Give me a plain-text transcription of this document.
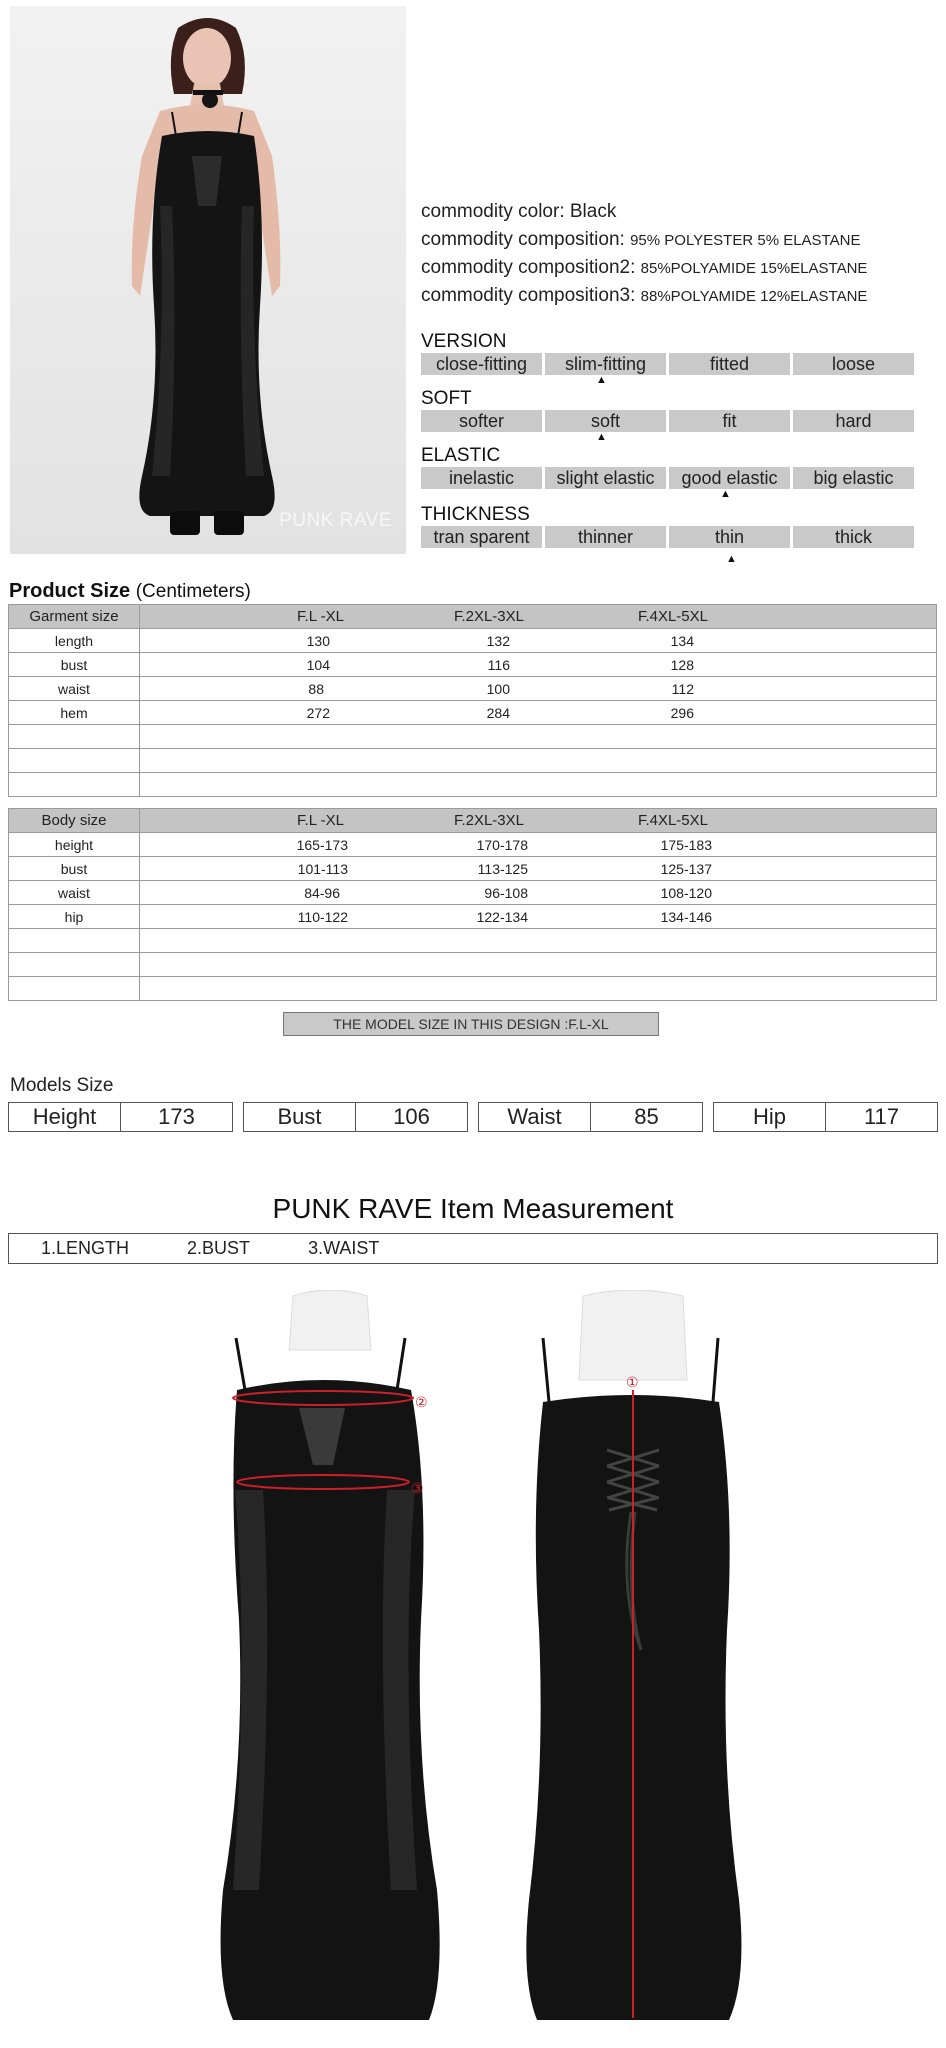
PUNK RAVE
commodity color: Black
commodity composition: 95% POLYESTER 5% ELASTANE
commodity composition2: 85%POLYAMIDE 15%ELASTANE
commodity composition3: 88%POLYAMIDE 12%ELASTANE
VERSION
close-fitting	slim-fitting	fitted	loose
▲
SOFT
softer	soft	fit	hard
▲
ELASTIC
inelastic	slight elastic	good elastic	big elastic
▲
THICKNESS
tran sparent	thinner	thin	thick
▲
Product Size (Centimeters)
Garment size	F.L -XL F.2XL-3XL F.4XL-5XL

length	130 132 134

bust	104 116 128

waist	88 100 112

hem	272 284 296

Body size	F.L -XL F.2XL-3XL F.4XL-5XL

height	165-173 170-178 175-183

bust	101-113 113-125 125-137

waist	84-96 96-108 108-120

hip	110-122 122-134 134-146

THE MODEL SIZE IN THIS DESIGN :F.L-XL
Models Size
Height	173	Bust	106	Waist	85	Hip	117
PUNK RAVE Item Measurement
1.LENGTH	2.BUST	3.WAIST
②
③
①
